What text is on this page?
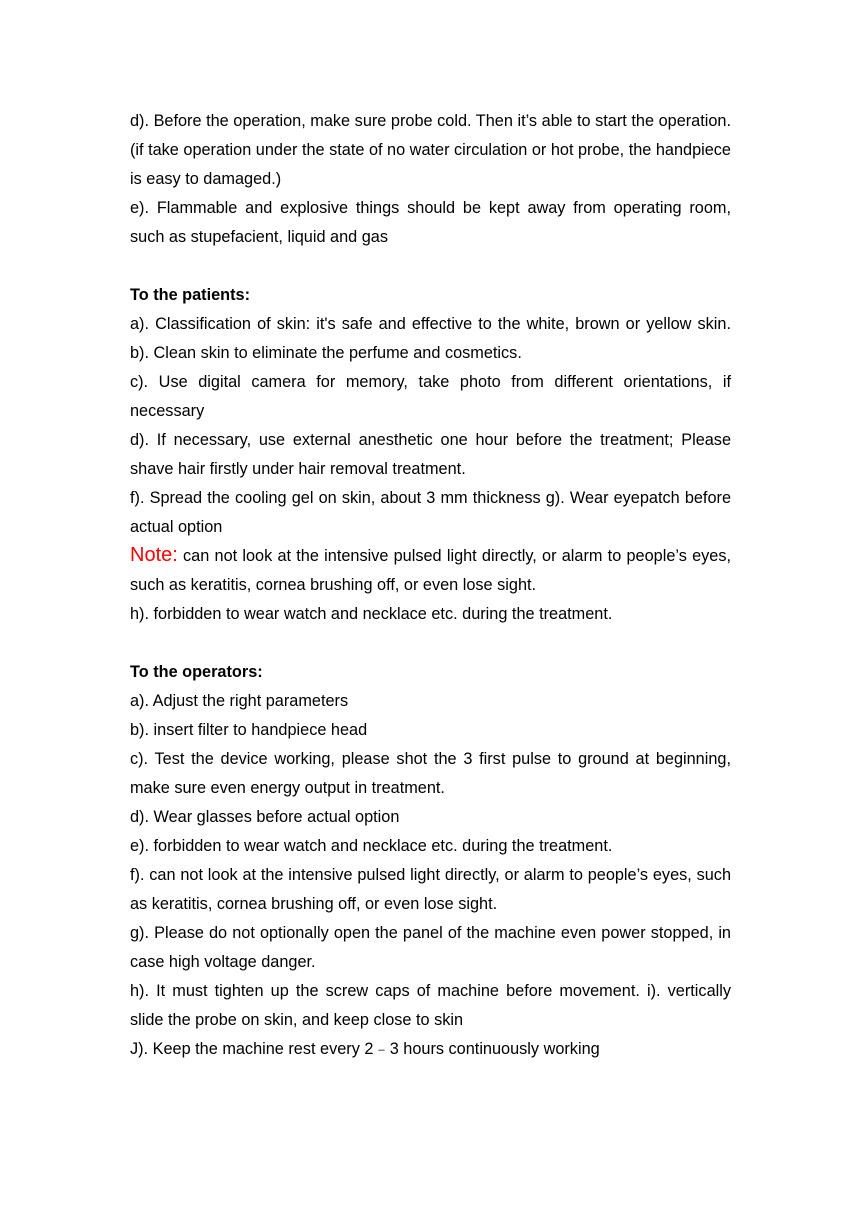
d). Before the operation, make sure probe cold. Then it’s able to start the operation. (if take operation under the state of no water circulation or hot probe, the handpiece is easy to damaged.)

e). Flammable and explosive things should be kept away from operating room, such as stupefacient, liquid and gas

To the patients:

a). Classification of skin: it's safe and effective to the white, brown or yellow skin. b). Clean skin to eliminate the perfume and cosmetics.

c). Use digital camera for memory, take photo from different orientations, if necessary

d). If necessary, use external anesthetic one hour before the treatment; Please shave hair firstly under hair removal treatment.

f). Spread the cooling gel on skin, about 3 mm thickness g). Wear eyepatch before actual option

Note: can not look at the intensive pulsed light directly, or alarm to people’s eyes, such as keratitis, cornea brushing off, or even lose sight.

h). forbidden to wear watch and necklace etc. during the treatment.

To the operators:

a). Adjust the right parameters

b). insert filter to handpiece head

c). Test the device working, please shot the 3 first pulse to ground at beginning, make sure even energy output in treatment.

d). Wear glasses before actual option

e). forbidden to wear watch and necklace etc. during the treatment.

f). can not look at the intensive pulsed light directly, or alarm to people’s eyes, such as keratitis, cornea brushing off, or even lose sight.

g). Please do not optionally open the panel of the machine even power stopped, in case high voltage danger.

h). It must tighten up the screw caps of machine before movement. i). vertically slide the probe on skin, and keep close to skin

J). Keep the machine rest every 2﹣3 hours continuously working
